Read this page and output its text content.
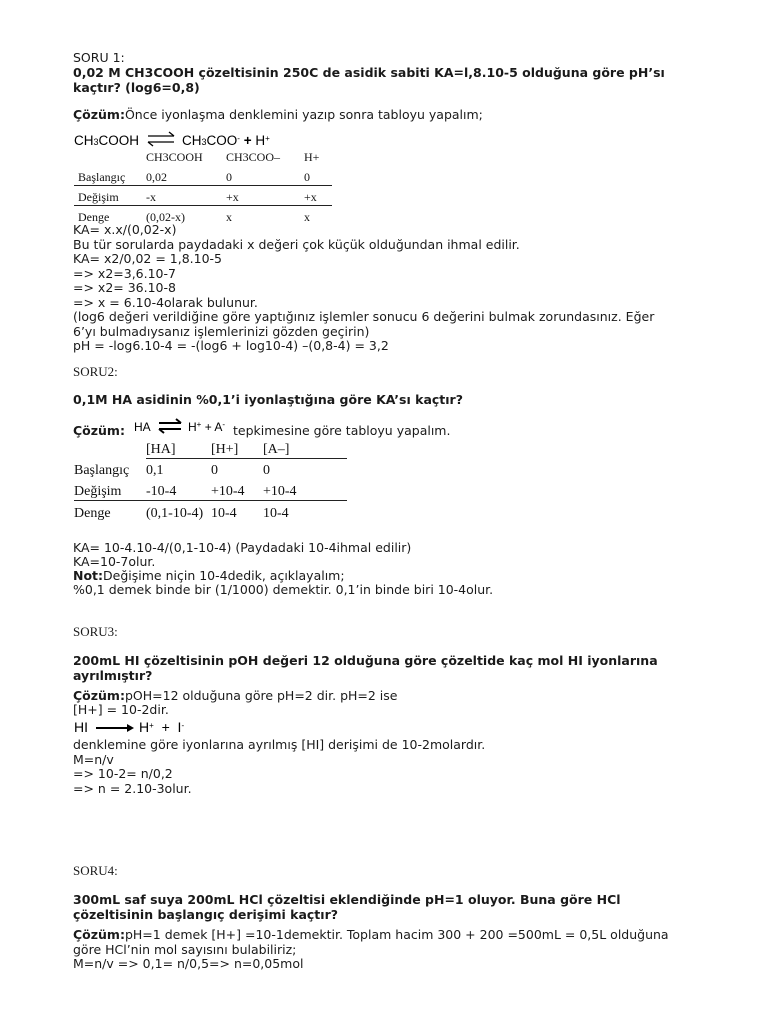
SORU 1:
0,02 M CH3COOH çözeltisinin 250C de asidik sabiti KA=l,8.10-5 olduğuna göre pH’sı kaçtır? (log6=0,8)
Çözüm:Önce iyonlaşma denklemini yazıp sonra tabloyu yapalım;
CH3COOH ⇌ CH3COO- + H+
	CH3COOH	CH3COO–	H+
Başlangıç	0,02	0	0
Değişim	-x	+x	+x
Denge	(0,02-x)	x	x
KA= x.x/(0,02-x)
Bu tür sorularda paydadaki x değeri çok küçük olduğundan ihmal edilir.
KA= x2/0,02 = 1,8.10-5
=> x2=3,6.10-7
=> x2= 36.10-8
=> x = 6.10-4olarak bulunur.
(log6 değeri verildiğine göre yaptığınız işlemler sonucu 6 değerini bulmak zorundasınız. Eğer
6’yı bulmadıysanız işlemlerinizi gözden geçirin)
pH = -log6.10-4 = -(log6 + log10-4) –(0,8-4) = 3,2
SORU2:
0,1M HA asidinin %0,1’i iyonlaştığına göre KA’sı kaçtır?
Çözüm: HA ⇌ H+ + A- tepkimesine göre tabloyu yapalım.
	[HA]	[H+]	[A–]
Başlangıç	0,1	0	0
Değişim	-10-4	+10-4	+10-4
Denge	(0,1-10-4)	10-4	10-4
KA= 10-4.10-4/(0,1-10-4) (Paydadaki 10-4ihmal edilir)
KA=10-7olur.
Not:Değişime niçin 10-4dedik, açıklayalım;
%0,1 demek binde bir (1/1000) demektir. 0,1’in binde biri 10-4olur.
SORU3:
200mL HI çözeltisinin pOH değeri 12 olduğuna göre çözeltide kaç mol HI iyonlarına ayrılmıştır?
Çözüm:pOH=12 olduğuna göre pH=2 dir. pH=2 ise
[H+] = 10-2dir.
HI → H+ + I-
denklemine göre iyonlarına ayrılmış [HI] derişimi de 10-2molardır.
M=n/v
=> 10-2= n/0,2
=> n = 2.10-3olur.
SORU4:
300mL saf suya 200mL HCl çözeltisi eklendiğinde pH=1 oluyor. Buna göre HCl çözeltisinin başlangıç derişimi kaçtır?
Çözüm:pH=1 demek [H+] =10-1demektir. Toplam hacim 300 + 200 =500mL = 0,5L olduğuna göre HCl’nin mol sayısını bulabiliriz;
M=n/v => 0,1= n/0,5=> n=0,05mol
